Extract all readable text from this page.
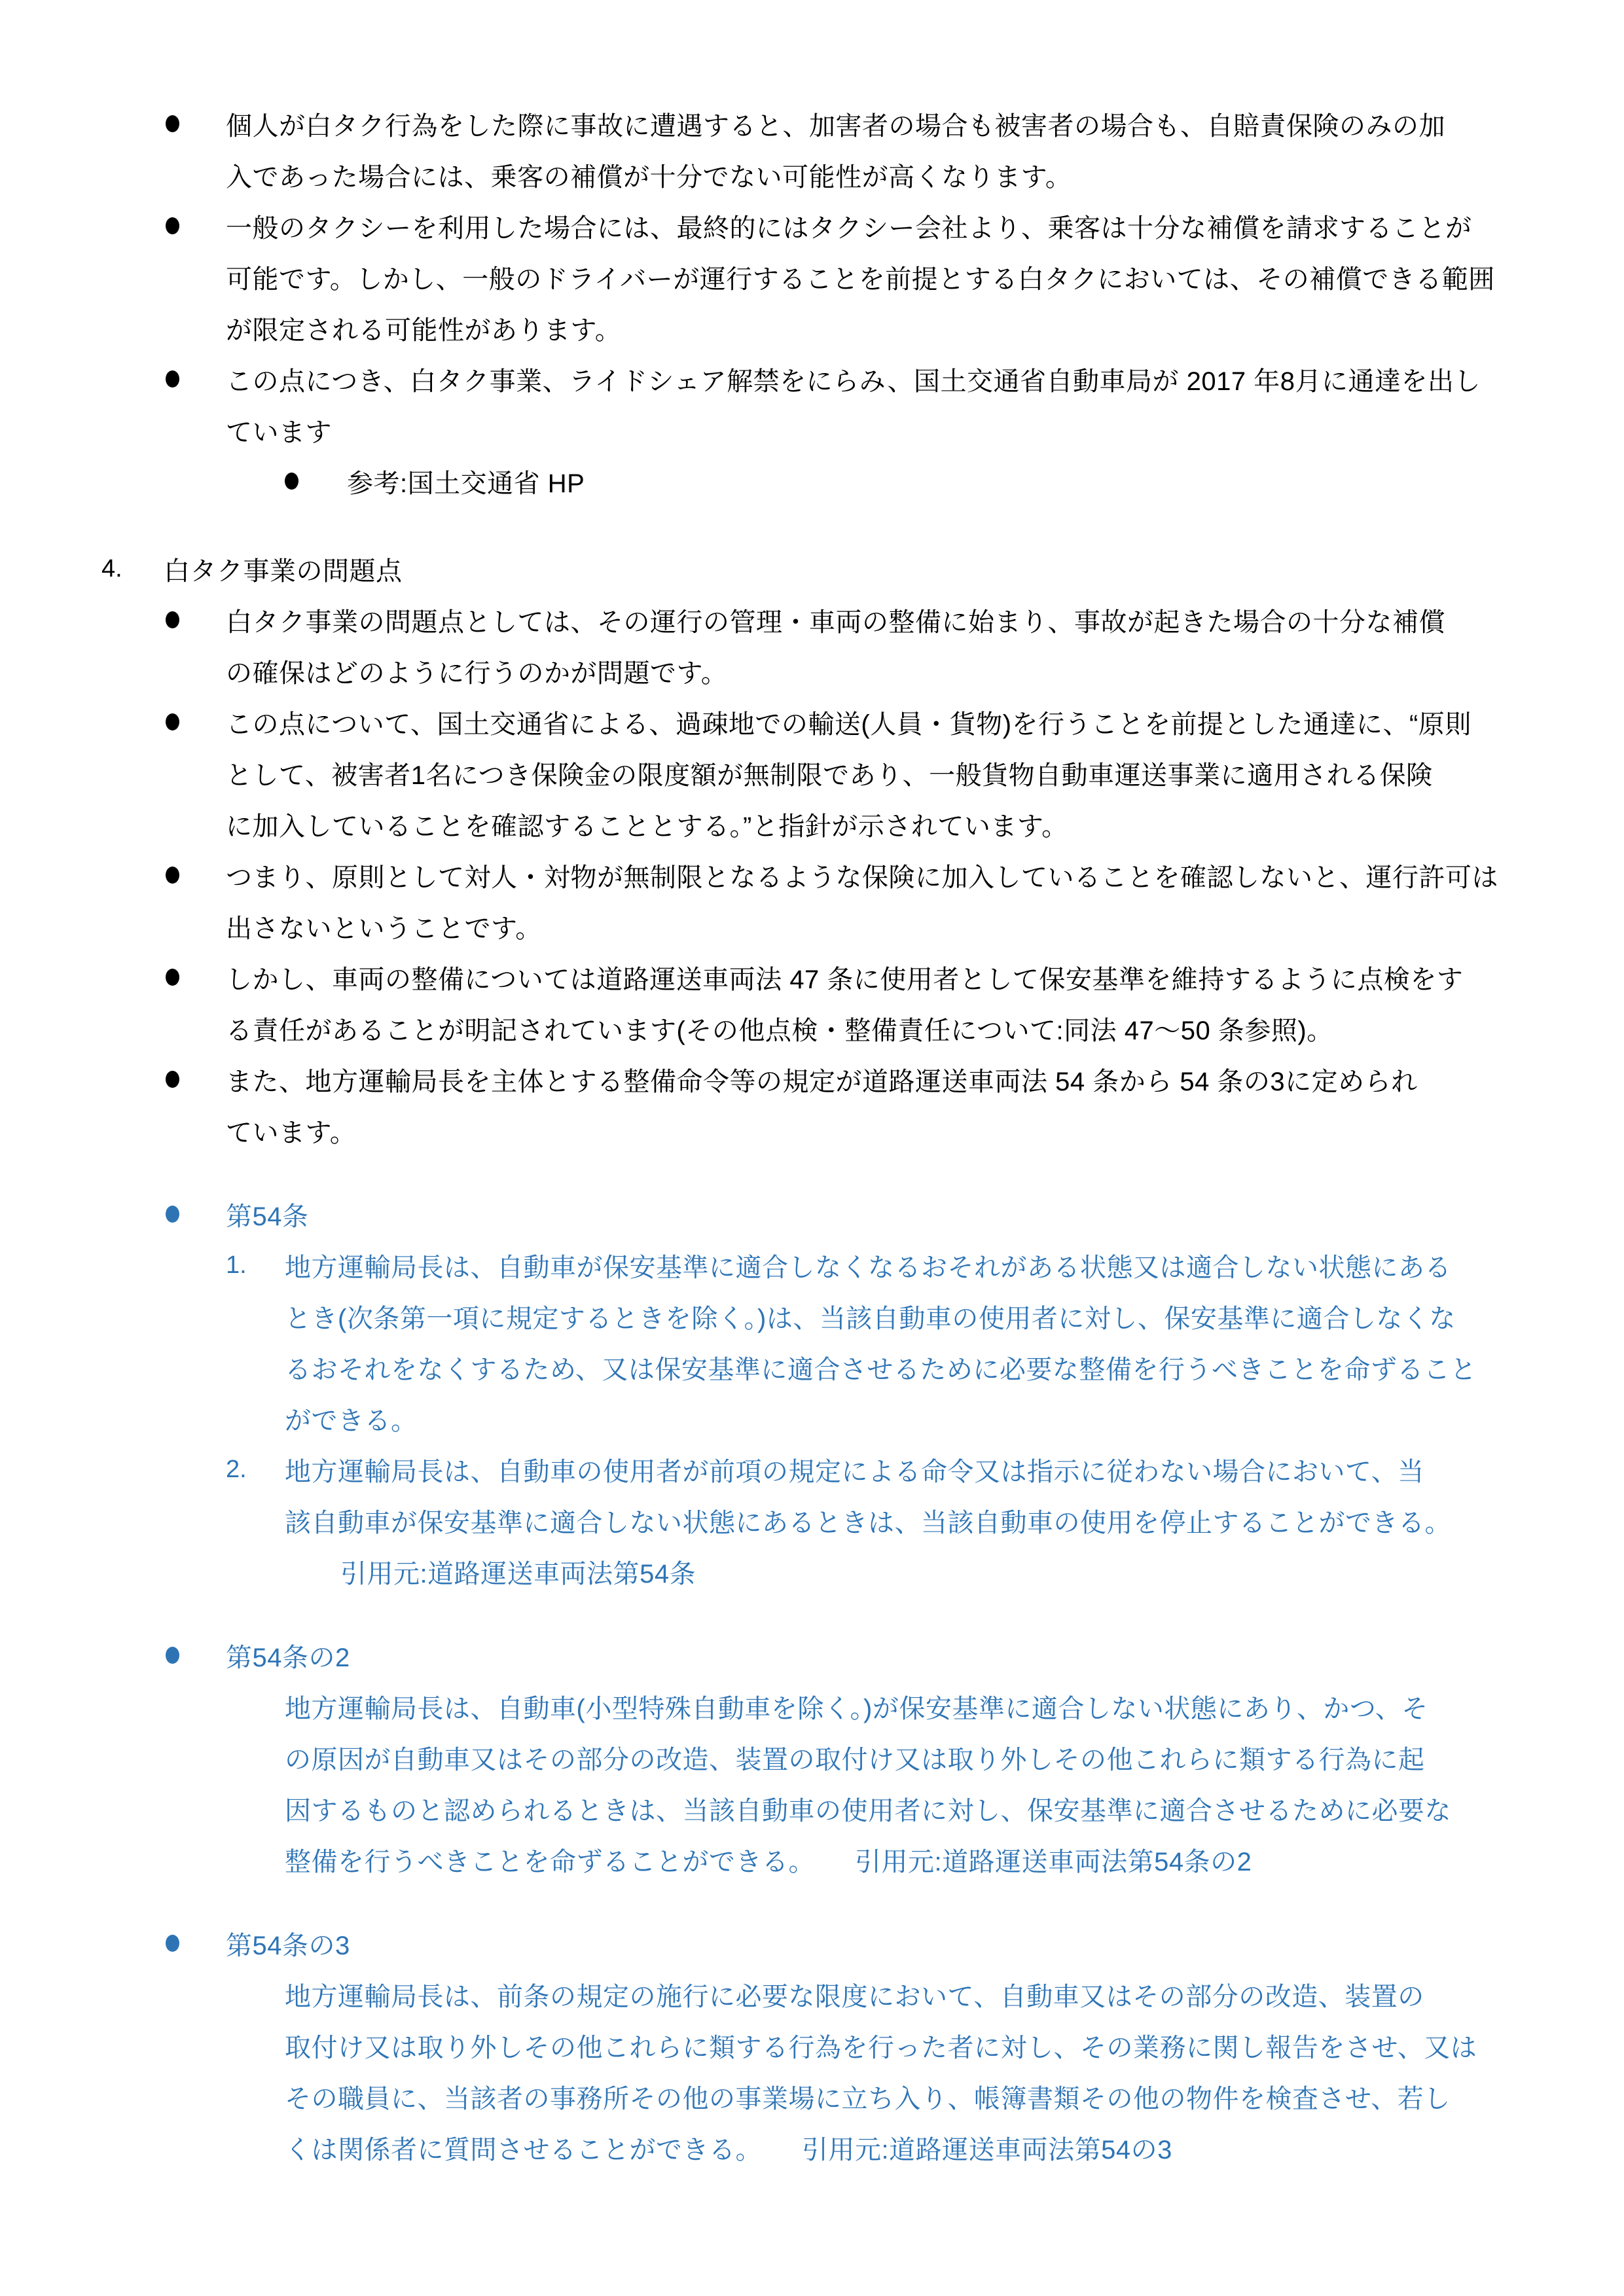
個人が白タク行為をした際に事故に遭遇すると、加害者の場合も被害者の場合も、自賠責保険のみの加
入であった場合には、乗客の補償が十分でない可能性が高くなります。
一般のタクシーを利用した場合には、最終的にはタクシー会社より、乗客は十分な補償を請求することが
可能です。しかし、一般のドライバーが運行することを前提とする白タクにおいては、その補償できる範囲
が限定される可能性があります。
この点につき、白タク事業、ライドシェア解禁をにらみ、国土交通省自動車局が 2017 年8月に通達を出し
ています
参考:国土交通省 HP
4. 白タク事業の問題点
白タク事業の問題点としては、その運行の管理・車両の整備に始まり、事故が起きた場合の十分な補償
の確保はどのように行うのかが問題です。
この点について、国土交通省による、過疎地での輸送(人員・貨物)を行うことを前提とした通達に、“原則
として、被害者1名につき保険金の限度額が無制限であり、一般貨物自動車運送事業に適用される保険
に加入していることを確認することとする。”と指針が示されています。
つまり、原則として対人・対物が無制限となるような保険に加入していることを確認しないと、運行許可は
出さないということです。
しかし、車両の整備については道路運送車両法 47 条に使用者として保安基準を維持するように点検をす
る責任があることが明記されています(その他点検・整備責任について:同法 47〜50 条参照)。
また、地方運輸局長を主体とする整備命令等の規定が道路運送車両法 54 条から 54 条の3に定められ
ています。
第54条
1. 地方運輸局長は、自動車が保安基準に適合しなくなるおそれがある状態又は適合しない状態にある
とき(次条第一項に規定するときを除く。)は、当該自動車の使用者に対し、保安基準に適合しなくな
るおそれをなくするため、又は保安基準に適合させるために必要な整備を行うべきことを命ずること
ができる。
2. 地方運輸局長は、自動車の使用者が前項の規定による命令又は指示に従わない場合において、当
該自動車が保安基準に適合しない状態にあるときは、当該自動車の使用を停止することができる。
引用元:道路運送車両法第54条
第54条の2
地方運輸局長は、自動車(小型特殊自動車を除く。)が保安基準に適合しない状態にあり、かつ、そ
の原因が自動車又はその部分の改造、装置の取付け又は取り外しその他これらに類する行為に起
因するものと認められるときは、当該自動車の使用者に対し、保安基準に適合させるために必要な
整備を行うべきことを命ずることができる。　　引用元:道路運送車両法第54条の2
第54条の3
地方運輸局長は、前条の規定の施行に必要な限度において、自動車又はその部分の改造、装置の
取付け又は取り外しその他これらに類する行為を行った者に対し、その業務に関し報告をさせ、又は
その職員に、当該者の事務所その他の事業場に立ち入り、帳簿書類その他の物件を検査させ、若し
くは関係者に質問させることができる。　　引用元:道路運送車両法第54の3
